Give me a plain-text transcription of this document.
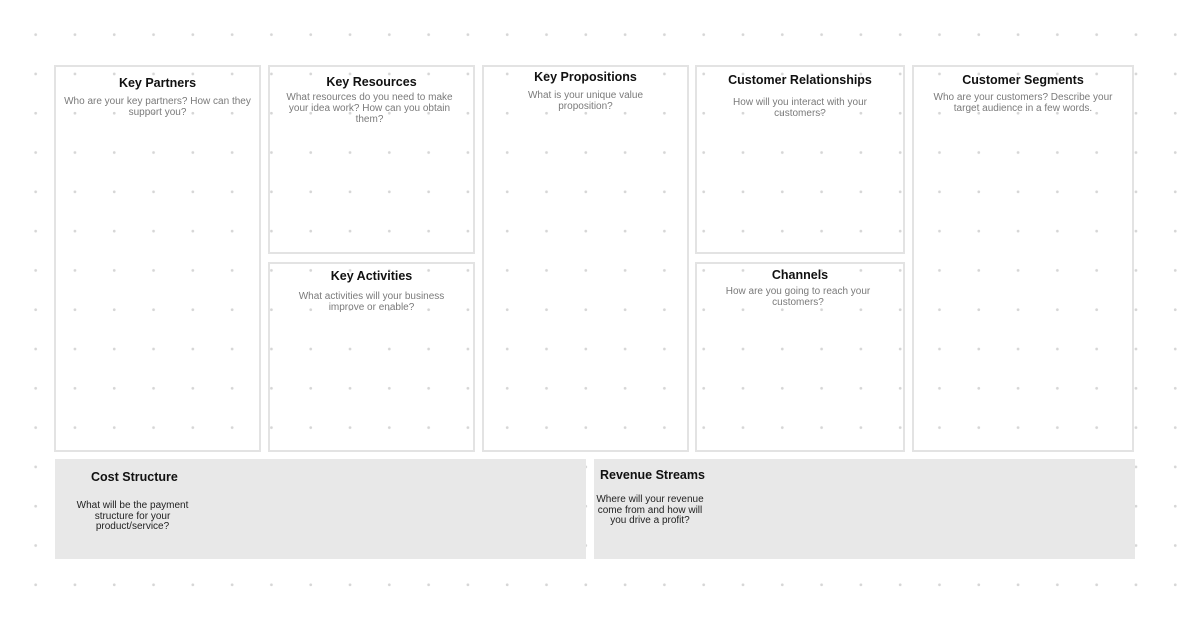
Key Partners

Who are your key partners? How can they support you?

Key Resources

What resources do you need to make your idea work? How can you obtain them?

Key Propositions

What is your unique value proposition?

Customer Relationships

How will you interact with your customers?

Customer Segments

Who are your customers? Describe your target audience in a few words.

Key Activities

What activities will your business improve or enable?

Channels

How are you going to reach your customers?

Cost Structure

What will be the payment structure for your product/service?

Revenue Streams

Where will your revenue come from and how will you drive a profit?
